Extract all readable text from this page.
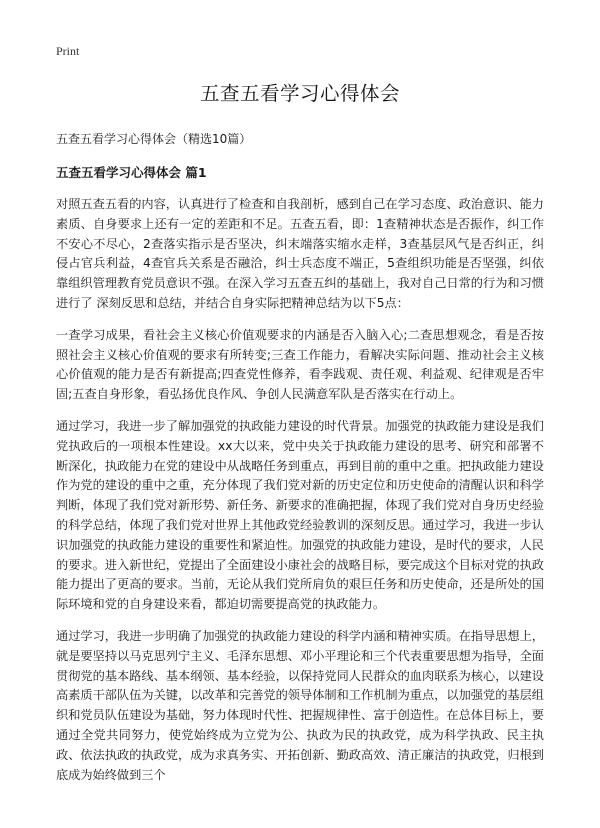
Print
五查五看学习心得体会
五查五看学习心得体会（精选10篇）
五查五看学习心得体会 篇1

对照五查五看的内容，认真进行了检查和自我剖析，感到自己在学习态度、政治意识、能力素质、自身要求上还有一定的差距和不足。五查五看，即：1查精神状态是否振作，纠工作不安心不尽心，2查落实指示是否坚决，纠末端落实缩水走样，3查基层风气是否纠正，纠侵占官兵利益，4查官兵关系是否融洽，纠士兵态度不端正，5查组织功能是否坚强，纠依靠组织管理教育党员意识不强。在深入学习五查五纠的基础上，我对自己日常的行为和习惯进行了 深刻反思和总结，并结合自身实际把精神总结为以下5点：

一查学习成果，看社会主义核心价值观要求的内涵是否入脑入心;二查思想观念，看是否按照社会主义核心价值观的要求有所转变;三查工作能力，看解决实际问题、推动社会主义核心价值观的能力是否有新提高;四查党性修养，看李践观、责任观、利益观、纪律观是否牢固;五查自身形象，看弘扬优良作风、争创人民满意军队是否落实在行动上。

通过学习，我进一步了解加强党的执政能力建设的时代背景。加强党的执政能力建设是我们党执政后的一项根本性建设。xx大以来，党中央关于执政能力建设的思考、研究和部署不断深化，执政能力在党的建设中从战略任务到重点，再到目前的重中之重。把执政能力建设作为党的建设的重中之重，充分体现了我们党对新的历史定位和历史使命的清醒认识和科学判断，体现了我们党对新形势、新任务、新要求的准确把握，体现了我们党对自身历史经验的科学总结，体现了我们党对世界上其他政党经验教训的深刻反思。通过学习，我进一步认识加强党的执政能力建设的重要性和紧迫性。加强党的执政能力建设，是时代的要求，人民的要求。进入新世纪，党提出了全面建设小康社会的战略目标，要完成这个目标对党的执政能力提出了更高的要求。当前，无论从我们党所肩负的艰巨任务和历史使命，还是所处的国际环境和党的自身建设来看，都迫切需要提高党的执政能力。

通过学习，我进一步明确了加强党的执政能力建设的科学内涵和精神实质。在指导思想上，就是要坚持以马克思列宁主义、毛泽东思想、邓小平理论和三个代表重要思想为指导，全面贯彻党的基本路线、基本纲领、基本经验，以保持党同人民群众的血肉联系为核心，以建设高素质干部队伍为关键，以改革和完善党的领导体制和工作机制为重点，以加强党的基层组织和党员队伍建设为基础，努力体现时代性、把握规律性、富于创造性。在总体目标上，要通过全党共同努力，使党始终成为立党为公、执政为民的执政党，成为科学执政、民主执政、依法执政的执政党，成为求真务实、开拓创新、勤政高效、清正廉洁的执政党，归根到底成为始终做到三个
